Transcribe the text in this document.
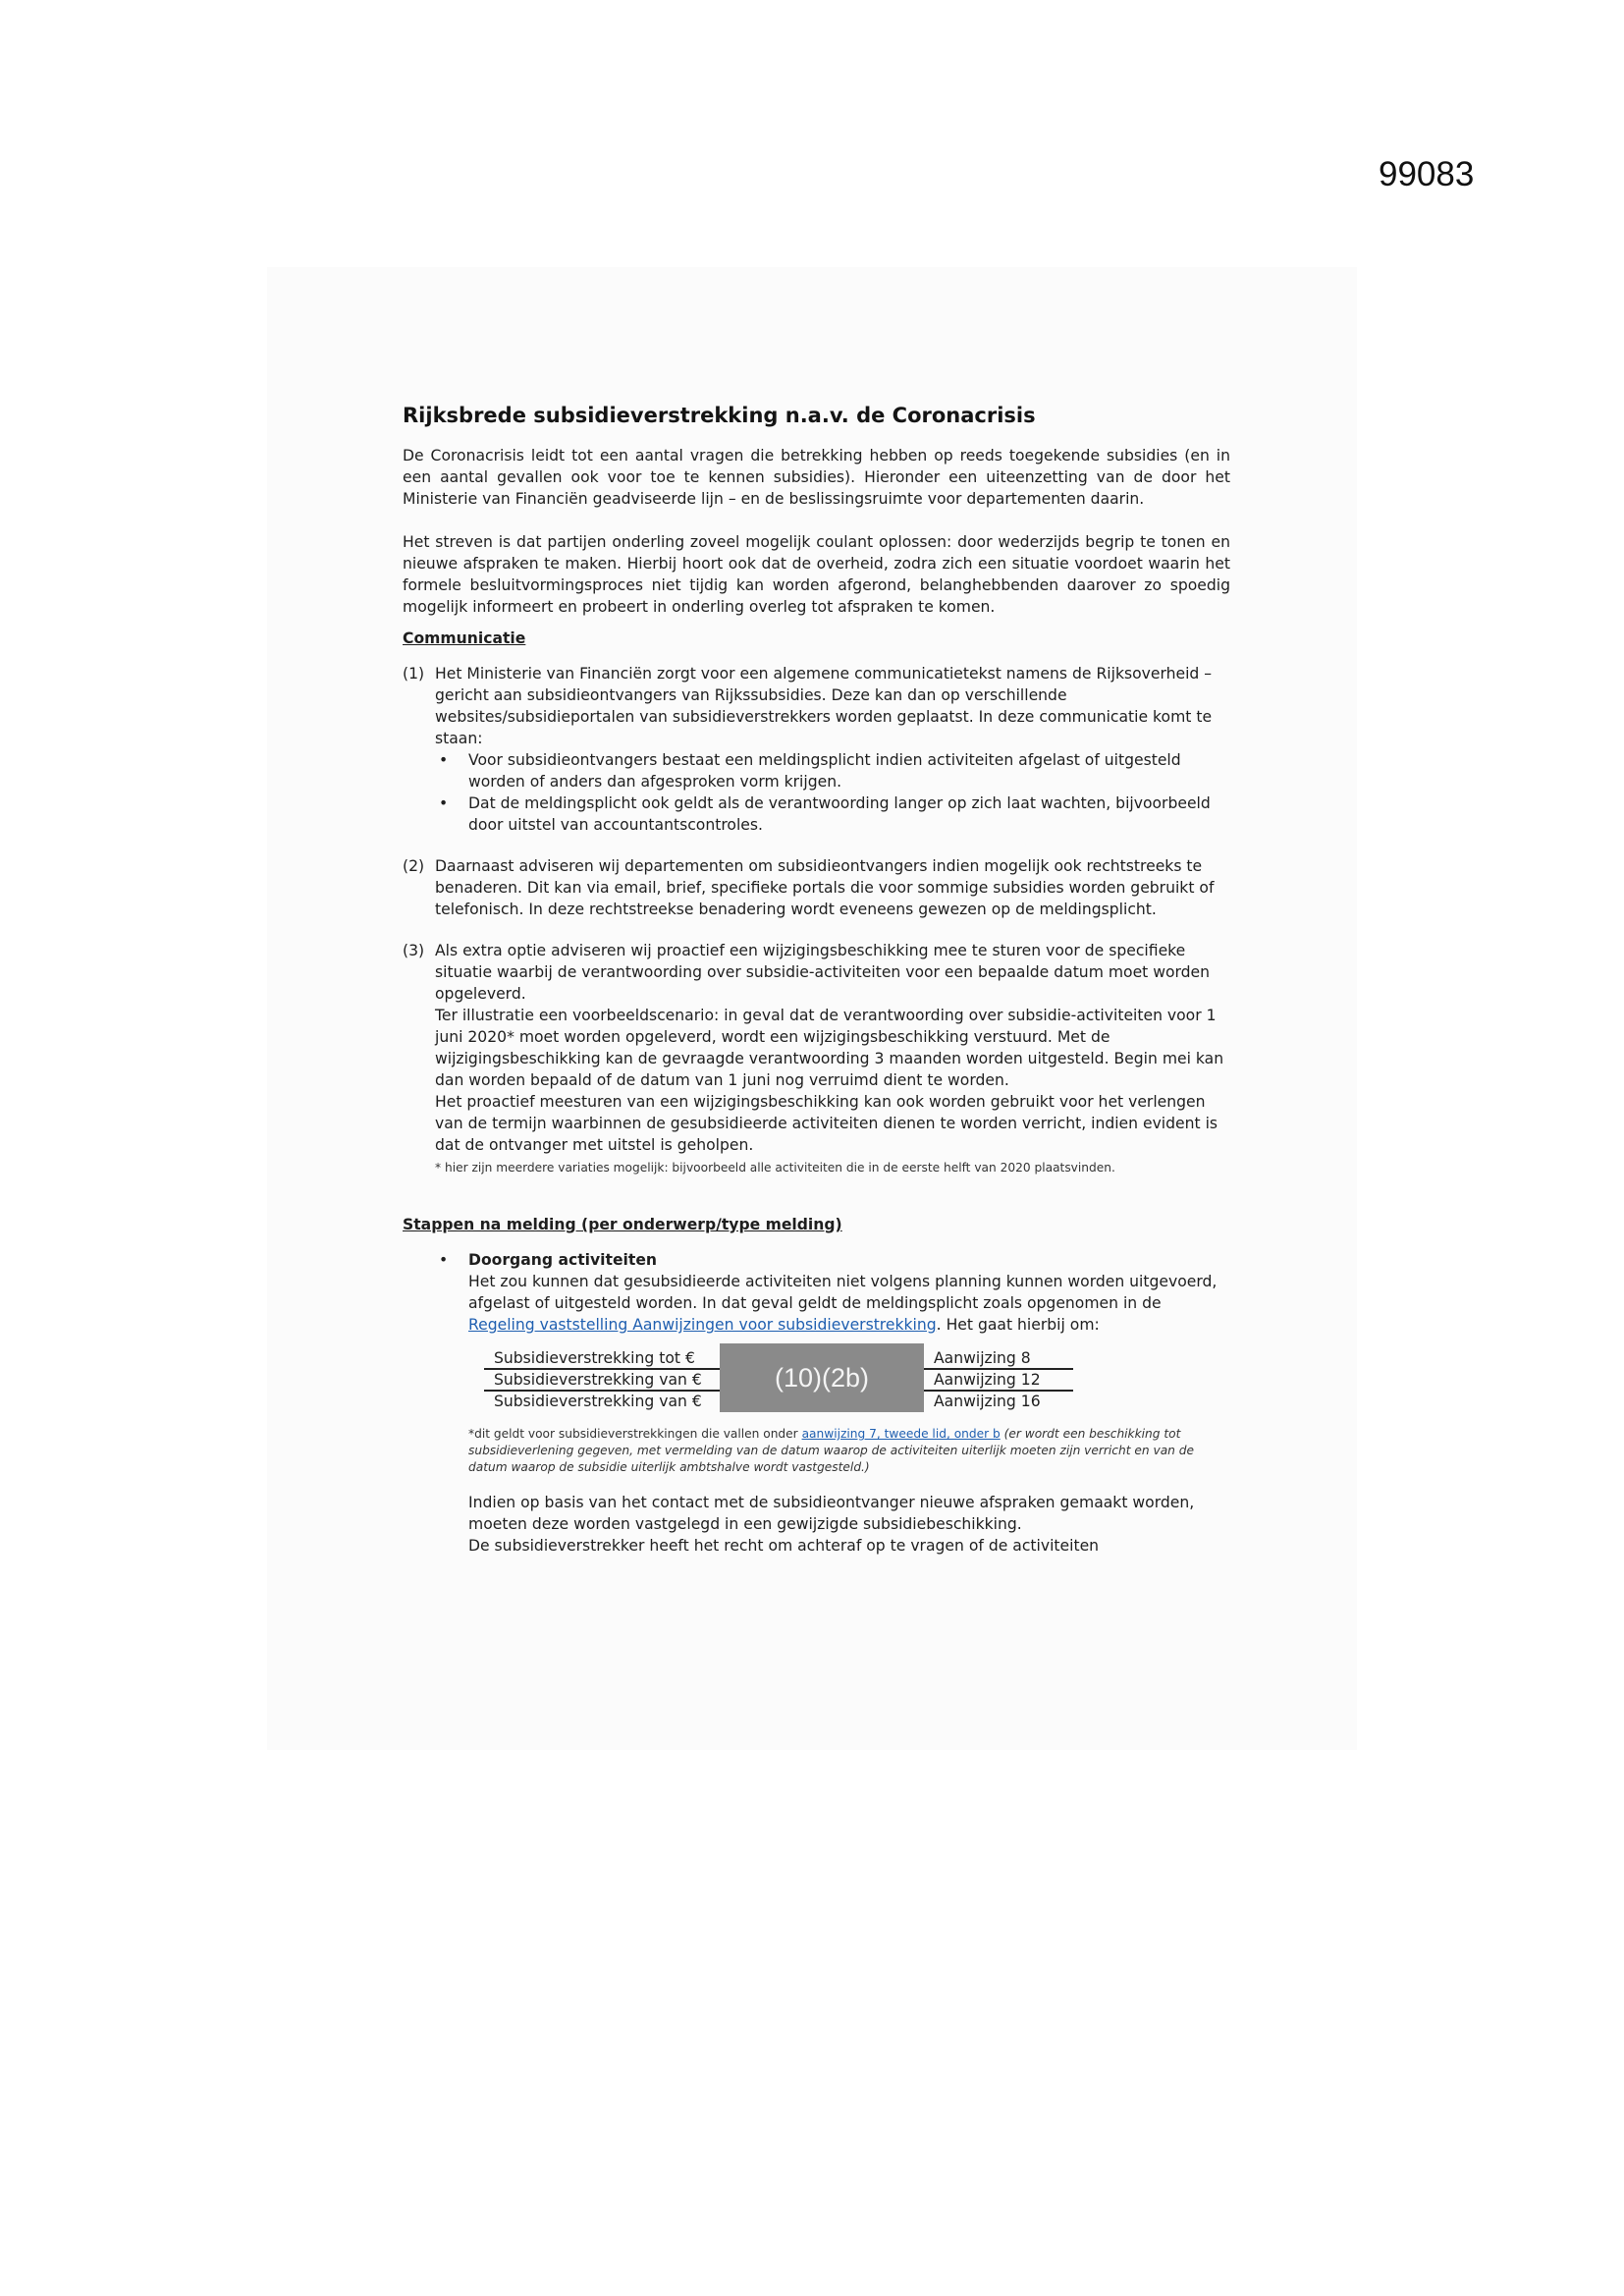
99083
Rijksbrede subsidieverstrekking n.a.v. de Coronacrisis

De Coronacrisis leidt tot een aantal vragen die betrekking hebben op reeds toegekende subsidies (en in een aantal gevallen ook voor toe te kennen subsidies). Hieronder een uiteenzetting van de door het Ministerie van Financiën geadviseerde lijn – en de beslissingsruimte voor departementen daarin.

Het streven is dat partijen onderling zoveel mogelijk coulant oplossen: door wederzijds begrip te tonen en nieuwe afspraken te maken. Hierbij hoort ook dat de overheid, zodra zich een situatie voordoet waarin het formele besluitvormingsproces niet tijdig kan worden afgerond, belanghebbenden daarover zo spoedig mogelijk informeert en probeert in onderling overleg tot afspraken te komen.

Communicatie
(1) Het Ministerie van Financiën zorgt voor een algemene communicatietekst namens de Rijksoverheid – gericht aan subsidieontvangers van Rijkssubsidies. Deze kan dan op verschillende websites/subsidieportalen van subsidieverstrekkers worden geplaatst. In deze communicatie komt te staan:

• Voor subsidieontvangers bestaat een meldingsplicht indien activiteiten afgelast of uitgesteld worden of anders dan afgesproken vorm krijgen.
• Dat de meldingsplicht ook geldt als de verantwoording langer op zich laat wachten, bijvoorbeeld door uitstel van accountantscontroles.
(2) Daarnaast adviseren wij departementen om subsidieontvangers indien mogelijk ook rechtstreeks te benaderen. Dit kan via email, brief, specifieke portals die voor sommige subsidies worden gebruikt of telefonisch. In deze rechtstreekse benadering wordt eveneens gewezen op de meldingsplicht.

(3) Als extra optie adviseren wij proactief een wijzigingsbeschikking mee te sturen voor de specifieke situatie waarbij de verantwoording over subsidie-activiteiten voor een bepaalde datum moet worden opgeleverd.

Ter illustratie een voorbeeldscenario: in geval dat de verantwoording over subsidie-activiteiten voor 1 juni 2020* moet worden opgeleverd, wordt een wijzigingsbeschikking verstuurd. Met de wijzigingsbeschikking kan de gevraagde verantwoording 3 maanden worden uitgesteld. Begin mei kan dan worden bepaald of de datum van 1 juni nog verruimd dient te worden.

Het proactief meesturen van een wijzigingsbeschikking kan ook worden gebruikt voor het verlengen van de termijn waarbinnen de gesubsidieerde activiteiten dienen te worden verricht, indien evident is dat de ontvanger met uitstel is geholpen.

* hier zijn meerdere variaties mogelijk: bijvoorbeeld alle activiteiten die in de eerste helft van 2020 plaatsvinden.

Stappen na melding (per onderwerp/type melding)
• Doorgang activiteiten

Het zou kunnen dat gesubsidieerde activiteiten niet volgens planning kunnen worden uitgevoerd, afgelast of uitgesteld worden. In dat geval geldt de meldingsplicht zoals opgenomen in de Regeling vaststelling Aanwijzingen voor subsidieverstrekking. Het gaat hierbij om:

Subsidieverstrekking tot €	Aanwijzing 8
Subsidieverstrekking van €	Aanwijzing 12
Subsidieverstrekking van €	Aanwijzing 16
(10)(2b)

*dit geldt voor subsidieverstrekkingen die vallen onder aanwijzing 7, tweede lid, onder b (er wordt een beschikking tot subsidieverlening gegeven, met vermelding van de datum waarop de activiteiten uiterlijk moeten zijn verricht en van de datum waarop de subsidie uiterlijk ambtshalve wordt vastgesteld.)

Indien op basis van het contact met de subsidieontvanger nieuwe afspraken gemaakt worden, moeten deze worden vastgelegd in een gewijzigde subsidiebeschikking.

De subsidieverstrekker heeft het recht om achteraf op te vragen of de activiteiten
